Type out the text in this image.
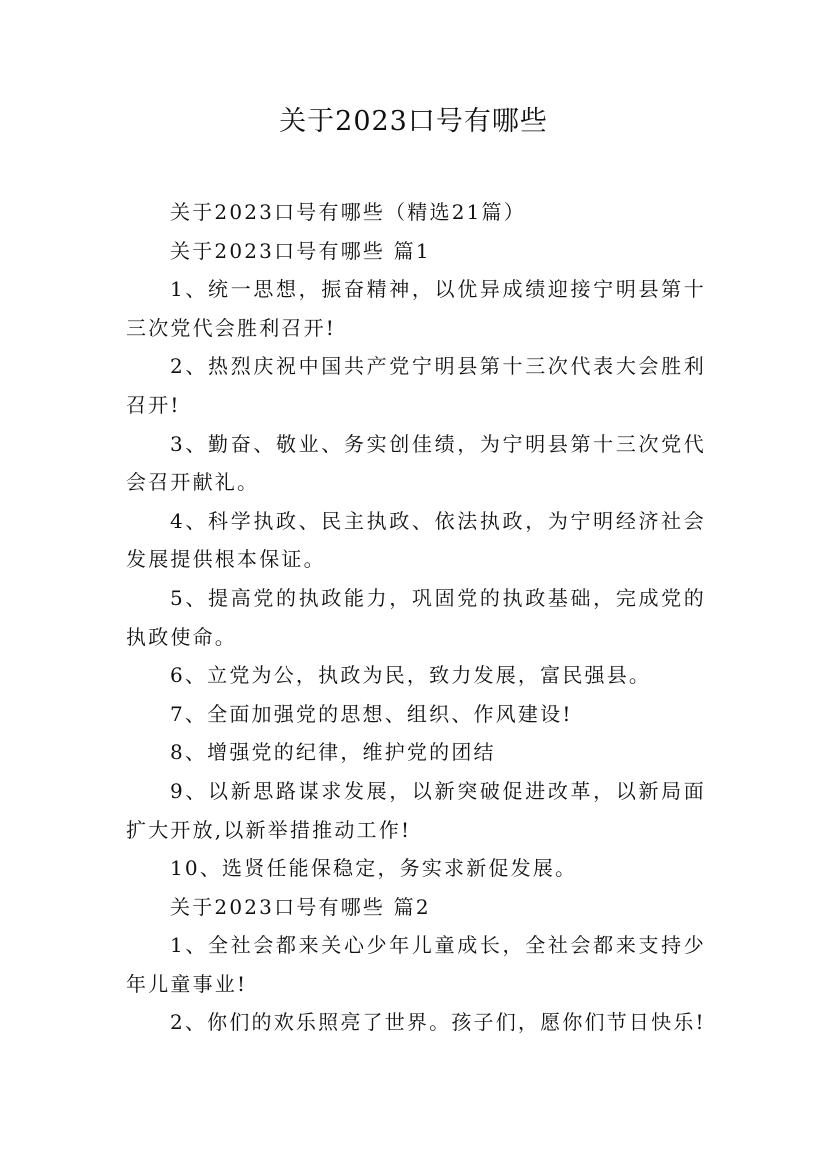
关于2023口号有哪些

关于2023口号有哪些（精选21篇）

关于2023口号有哪些 篇1

1、统一思想，振奋精神，以优异成绩迎接宁明县第十三次党代会胜利召开!

2、热烈庆祝中国共产党宁明县第十三次代表大会胜利召开!

3、勤奋、敬业、务实创佳绩，为宁明县第十三次党代会召开献礼。

4、科学执政、民主执政、依法执政，为宁明经济社会发展提供根本保证。

5、提高党的执政能力，巩固党的执政基础，完成党的执政使命。

6、立党为公，执政为民，致力发展，富民强县。

7、全面加强党的思想、组织、作风建设!

8、增强党的纪律，维护党的团结

9、以新思路谋求发展，以新突破促进改革，以新局面扩大开放,以新举措推动工作!

10、选贤任能保稳定，务实求新促发展。

关于2023口号有哪些 篇2

1、全社会都来关心少年儿童成长，全社会都来支持少年儿童事业!

2、你们的欢乐照亮了世界。孩子们，愿你们节日快乐!
